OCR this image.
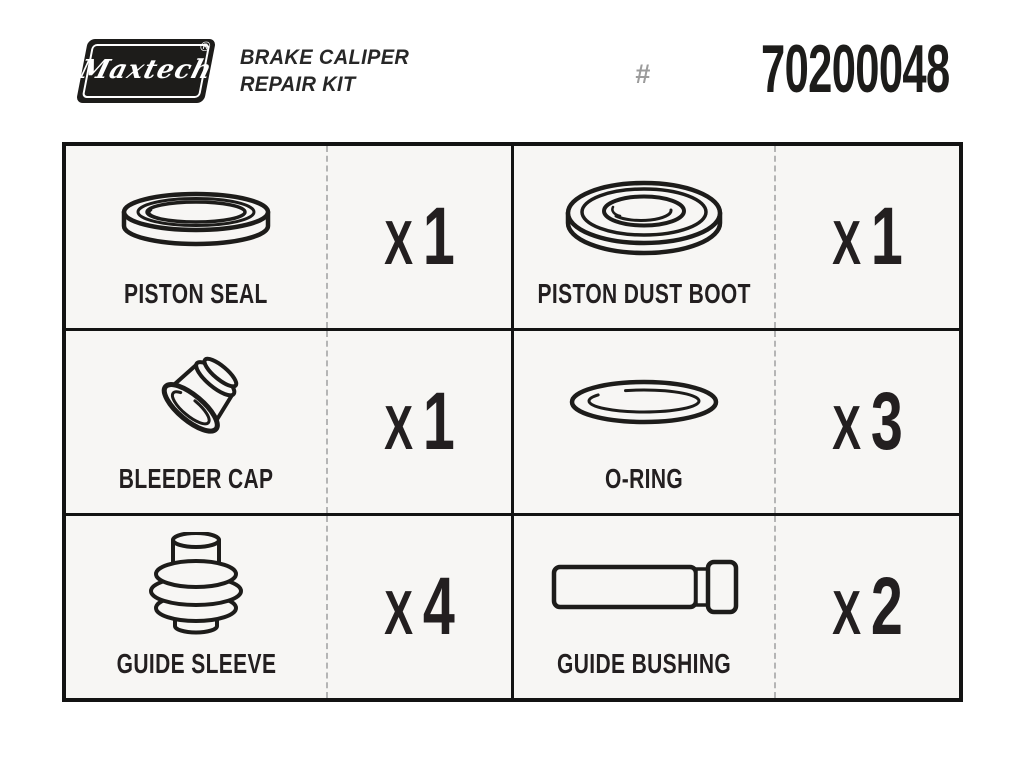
Maxtech
® BRAKE CALIPER
REPAIR KIT	# 70200048
PISTON SEAL
X 1
PISTON DUST BOOT
X 1
BLEEDER CAP
X 1
O-RING
X 3
GUIDE SLEEVE
X 4
GUIDE BUSHING
X 2
